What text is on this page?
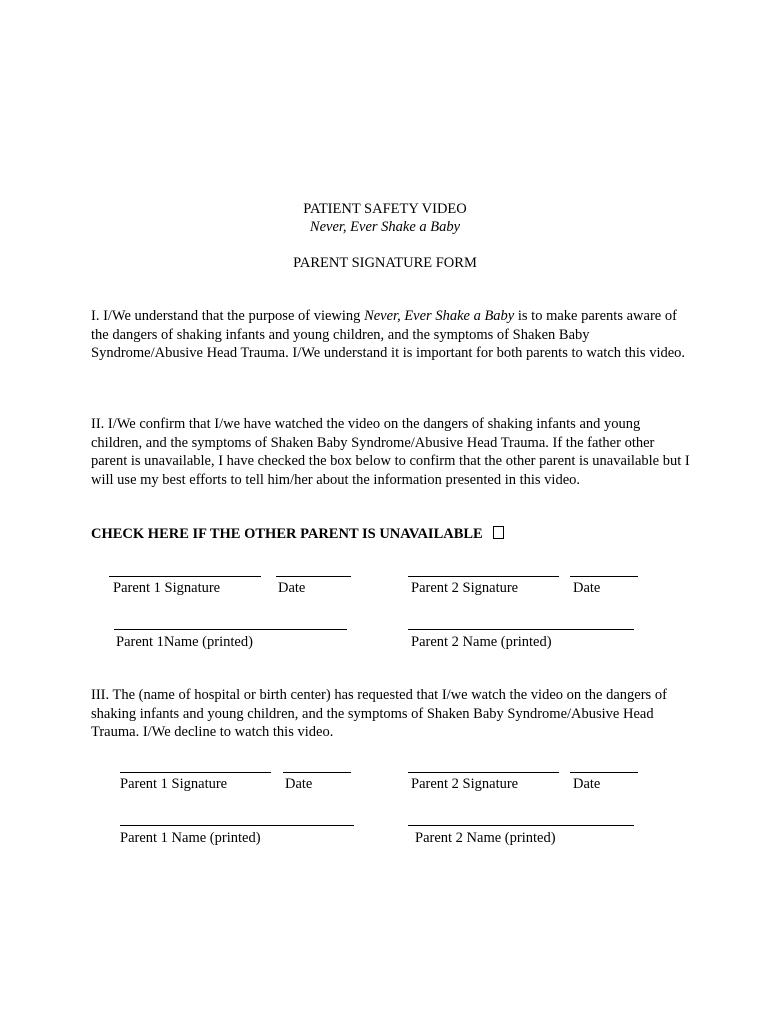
PATIENT SAFETY VIDEO
Never, Ever Shake a Baby
PARENT SIGNATURE FORM
I. I/We understand that the purpose of viewing Never, Ever Shake a Baby is to make parents aware of the dangers of shaking infants and young children, and the symptoms of Shaken Baby Syndrome/Abusive Head Trauma. I/We understand it is important for both parents to watch this video.
II. I/We confirm that I/we have watched the video on the dangers of shaking infants and young children, and the symptoms of Shaken Baby Syndrome/Abusive Head Trauma. If the father other parent is unavailable, I have checked the box below to confirm that the other parent is unavailable but I will use my best efforts to tell him/her about the information presented in this video.
CHECK HERE IF THE OTHER PARENT IS UNAVAILABLE
Parent 1 Signature	Date	Parent 2 Signature	Date
Parent 1Name (printed)	Parent 2 Name (printed)
III. The (name of hospital or birth center) has requested that I/we watch the video on the dangers of shaking infants and young children, and the symptoms of Shaken Baby Syndrome/Abusive Head Trauma. I/We decline to watch this video.
Parent 1 Signature	Date	Parent 2 Signature	Date
Parent 1 Name (printed)	Parent 2 Name (printed)
